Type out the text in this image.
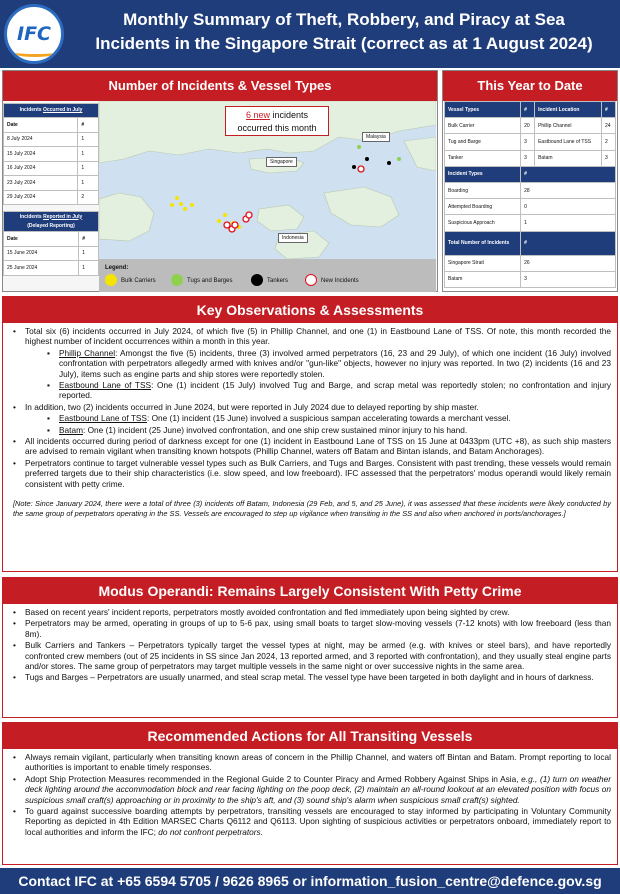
IFC
Monthly Summary of Theft, Robbery, and Piracy at Sea
Incidents in the Singapore Strait (correct as at 1 August 2024)
Number of Incidents & Vessel Types
Incidents Occurred in July	
Date	#
8 July 2024	1
15 July 2024	1
16 July 2024	1
23 July 2024	1
29 July 2024	2
Incidents Reported in July
(Delayed Reporting)	
Date	#
15 June 2024	1
25 June 2024	1
6 new incidents
occurred this month
Malaysia
Singapore
Indonesia
Legend:
Bulk Carriers	Tugs and Barges	Tankers	New Incidents
This Year to Date
Vessel Types	#	Incident Location	#
Bulk Carrier	20	Phillip Channel	24
Tug and Barge	3	Eastbound Lane of TSS	2
Tanker	3	Batam	3
Incident Types	#		
Boarding	28		
Attempted Boarding	0		
Suspicious Approach	1		
Total Number of Incidents	#		
Singapore Strait	26		
Batam	3		
Key Observations & Assessments
• Total six (6) incidents occurred in July 2024, of which five (5) in Phillip Channel, and one (1) in Eastbound Lane of TSS. Of note, this month recorded the highest number of incident occurrences within a month in this year.
▪ Phillip Channel: Amongst the five (5) incidents, three (3) involved armed perpetrators (16, 23 and 29 July), of which one incident (16 July) involved confrontation with perpetrators allegedly armed with knives and/or "gun-like" objects, however no injury was reported. In two (2) incidents (16 and 23 July), items such as engine parts and ship stores were reportedly stolen.
▪ Eastbound Lane of TSS: One (1) incident (15 July) involved Tug and Barge, and scrap metal was reportedly stolen; no confrontation and injury reported.
• In addition, two (2) incidents occurred in June 2024, but were reported in July 2024 due to delayed reporting by ship master.
▪ Eastbound Lane of TSS: One (1) incident (15 June) involved a suspicious sampan accelerating towards a merchant vessel.
▪ Batam: One (1) incident (25 June) involved confrontation, and one ship crew sustained minor injury to his hand.
• All incidents occurred during period of darkness except for one (1) incident in Eastbound Lane of TSS on 15 June at 0433pm (UTC +8), as such ship masters are advised to remain vigilant when transiting known hotspots (Phillip Channel, waters off Batam and Bintan islands, and Batam Anchorages).
• Perpetrators continue to target vulnerable vessel types such as Bulk Carriers, and Tugs and Barges. Consistent with past trending, these vessels would remain preferred targets due to their ship characteristics (i.e. slow speed, and low freeboard). IFC assessed that the perpetrators' modus operandi would likely remain consistent with petty crime.
[Note: Since January 2024, there were a total of three (3) incidents off Batam, Indonesia (29 Feb, and 5, and 25 June), it was assessed that these incidents were likely conducted by the same group of perpetrators operating in the SS. Vessels are encouraged to step up vigilance when transiting in the SS and also when anchored in ports/anchorages.]
Modus Operandi: Remains Largely Consistent With Petty Crime
• Based on recent years' incident reports, perpetrators mostly avoided confrontation and fled immediately upon being sighted by crew.
• Perpetrators may be armed, operating in groups of up to 5-6 pax, using small boats to target slow-moving vessels (7-12 knots) with low freeboard (less than 8m).
• Bulk Carriers and Tankers – Perpetrators typically target the vessel types at night, may be armed (e.g. with knives or steel bars), and have reportedly confronted crew members (out of 25 incidents in SS since Jan 2024, 13 reported armed, and 3 reported with confrontation), and they usually steal engine parts and/or stores. The same group of perpetrators may target multiple vessels in the same night or over successive nights in the same area.
• Tugs and Barges – Perpetrators are usually unarmed, and steal scrap metal. The vessel type have been targeted in both daylight and in hours of darkness.
Recommended Actions for All Transiting Vessels
• Always remain vigilant, particularly when transiting known areas of concern in the Phillip Channel, and waters off Bintan and Batam. Prompt reporting to local authorities is important to enable timely responses.
• Adopt Ship Protection Measures recommended in the Regional Guide 2 to Counter Piracy and Armed Robbery Against Ships in Asia, e.g., (1) turn on weather deck lighting around the accommodation block and rear facing lighting on the poop deck, (2) maintain an all-round lookout at an elevated position with focus on suspicious small craft(s) approaching or in proximity to the ship's aft, and (3) sound ship's alarm when suspicious small craft(s) sighted.
• To guard against successive boarding attempts by perpetrators, transiting vessels are encouraged to stay informed by participating in Voluntary Community Reporting as depicted in 4th Edition MARSEC Charts Q6112 and Q6113. Upon sighting of suspicious activities or perpetrators onboard, immediately report to local authorities and inform the IFC; do not confront perpetrators.
Contact IFC at +65 6594 5705 / 9626 8965 or information_fusion_centre@defence.gov.sg
